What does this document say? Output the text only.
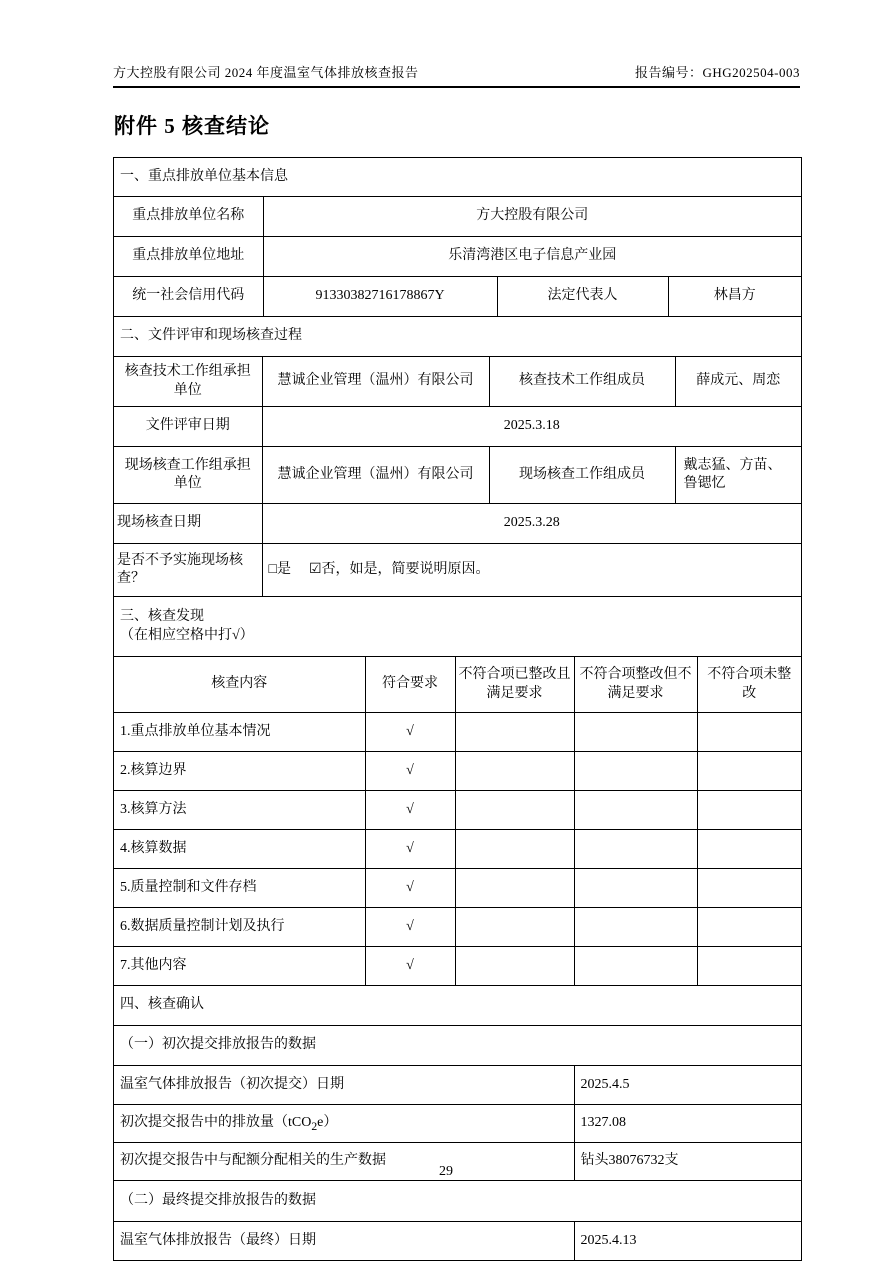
方大控股有限公司 2024 年度温室气体排放核查报告	报告编号：GHG202504-003
附件 5 核查结论
一、重点排放单位基本信息			
重点排放单位名称	方大控股有限公司		
重点排放单位地址	乐清湾港区电子信息产业园		
统一社会信用代码	91330382716178867Y	法定代表人	林昌方
二、文件评审和现场核查过程			
核查技术工作组承担单位	慧诚企业管理（温州）有限公司	核查技术工作组成员	薛成元、周恋
文件评审日期	2025.3.18		
现场核查工作组承担单位	慧诚企业管理（温州）有限公司	现场核查工作组成员	戴志猛、方苗、鲁锶忆
现场核查日期	2025.3.28		
是否不予实施现场核查？	□是 ☑否，如是，简要说明原因。		
三、核查发现
（在相应空格中打√）				

核查内容	符合要求	不符合项已整改且满足要求	不符合项整改但不满足要求	不符合项未整改
1.重点排放单位基本情况	√			
2.核算边界	√			
3.核算方法	√			
4.核算数据	√			
5.质量控制和文件存档	√			
6.数据质量控制计划及执行	√			
7.其他内容	√			
四、核查确认	
（一）初次提交排放报告的数据	
温室气体排放报告（初次提交）日期	2025.4.5
初次提交报告中的排放量（tCO$_2$e）	1327.08
初次提交报告中与配额分配相关的生产数据	钻头38076732支
（二）最终提交排放报告的数据	
温室气体排放报告（最终）日期	2025.4.13
29
